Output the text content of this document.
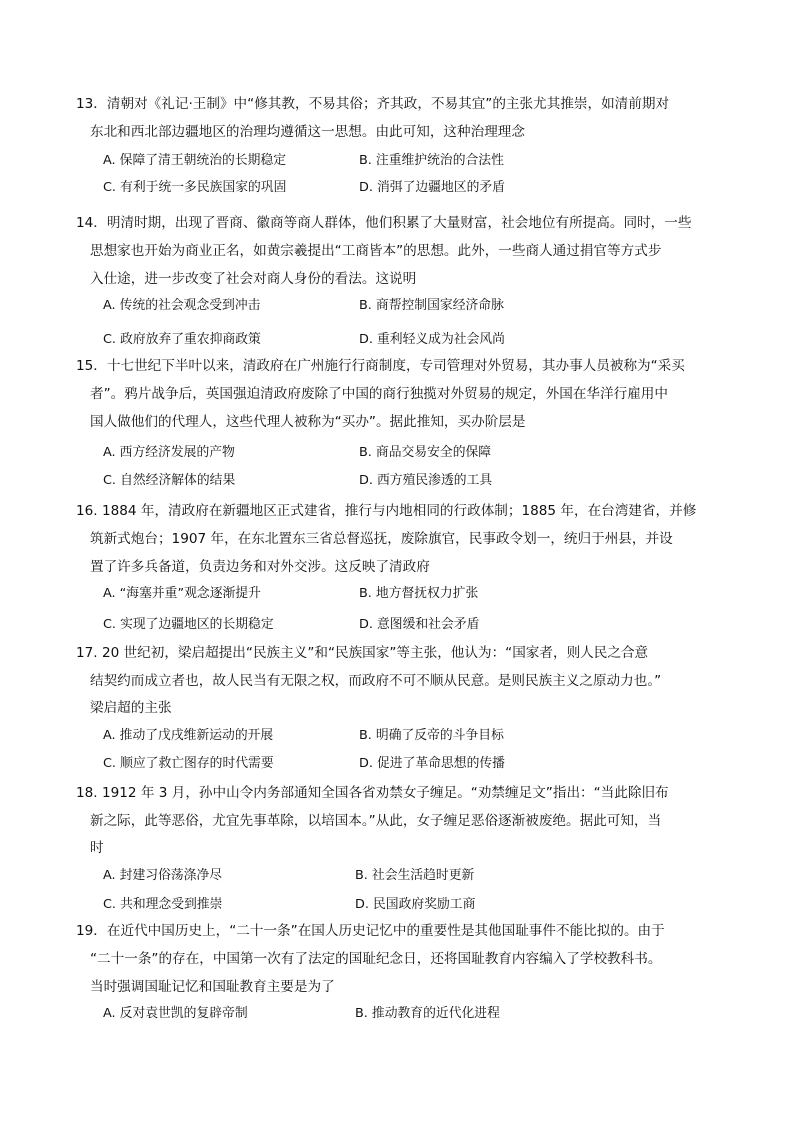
13．清朝对《礼记·王制》中“修其教，不易其俗；齐其政，不易其宜”的主张尤其推崇，如清前期对
东北和西北部边疆地区的治理均遵循这一思想。由此可知，这种治理理念
A. 保障了清王朝统治的长期稳定	B. 注重维护统治的合法性
C. 有利于统一多民族国家的巩固	D. 消弭了边疆地区的矛盾
14．明清时期，出现了晋商、徽商等商人群体，他们积累了大量财富，社会地位有所提高。同时，一些
思想家也开始为商业正名，如黄宗羲提出“工商皆本”的思想。此外，一些商人通过捐官等方式步
入仕途，进一步改变了社会对商人身份的看法。这说明
A. 传统的社会观念受到冲击	B. 商帮控制国家经济命脉
C. 政府放弃了重农抑商政策	D. 重利轻义成为社会风尚
15．十七世纪下半叶以来，清政府在广州施行行商制度，专司管理对外贸易，其办事人员被称为“采买
者”。鸦片战争后，英国强迫清政府废除了中国的商行独揽对外贸易的规定，外国在华洋行雇用中
国人做他们的代理人，这些代理人被称为“买办”。据此推知，买办阶层是
A. 西方经济发展的产物	B. 商品交易安全的保障
C. 自然经济解体的结果	D. 西方殖民渗透的工具
16. 1884 年，清政府在新疆地区正式建省，推行与内地相同的行政体制；1885 年，在台湾建省，并修
筑新式炮台；1907 年，在东北置东三省总督巡抚，废除旗官，民事政令划一，统归于州县，并设
置了许多兵备道，负责边务和对外交涉。这反映了清政府
A. “海塞并重”观念逐渐提升	B. 地方督抚权力扩张
C. 实现了边疆地区的长期稳定	D. 意图缓和社会矛盾
17. 20 世纪初，梁启超提出“民族主义”和“民族国家”等主张，他认为：“国家者，则人民之合意
结契约而成立者也，故人民当有无限之权，而政府不可不顺从民意。是则民族主义之原动力也。”
梁启超的主张
A. 推动了戊戌维新运动的开展	B. 明确了反帝的斗争目标
C. 顺应了救亡图存的时代需要	D. 促进了革命思想的传播
18. 1912 年 3 月，孙中山令内务部通知全国各省劝禁女子缠足。“劝禁缠足文”指出：“当此除旧布
新之际，此等恶俗，尤宜先事革除，以培国本。”从此，女子缠足恶俗逐渐被废绝。据此可知，当
时
A. 封建习俗荡涤净尽	B. 社会生活趋时更新
C. 共和理念受到推崇	D. 民国政府奖励工商
19．在近代中国历史上，“二十一条”在国人历史记忆中的重要性是其他国耻事件不能比拟的。由于
“二十一条”的存在，中国第一次有了法定的国耻纪念日，还将国耻教育内容编入了学校教科书。
当时强调国耻记忆和国耻教育主要是为了
A. 反对袁世凯的复辟帝制	B. 推动教育的近代化进程
